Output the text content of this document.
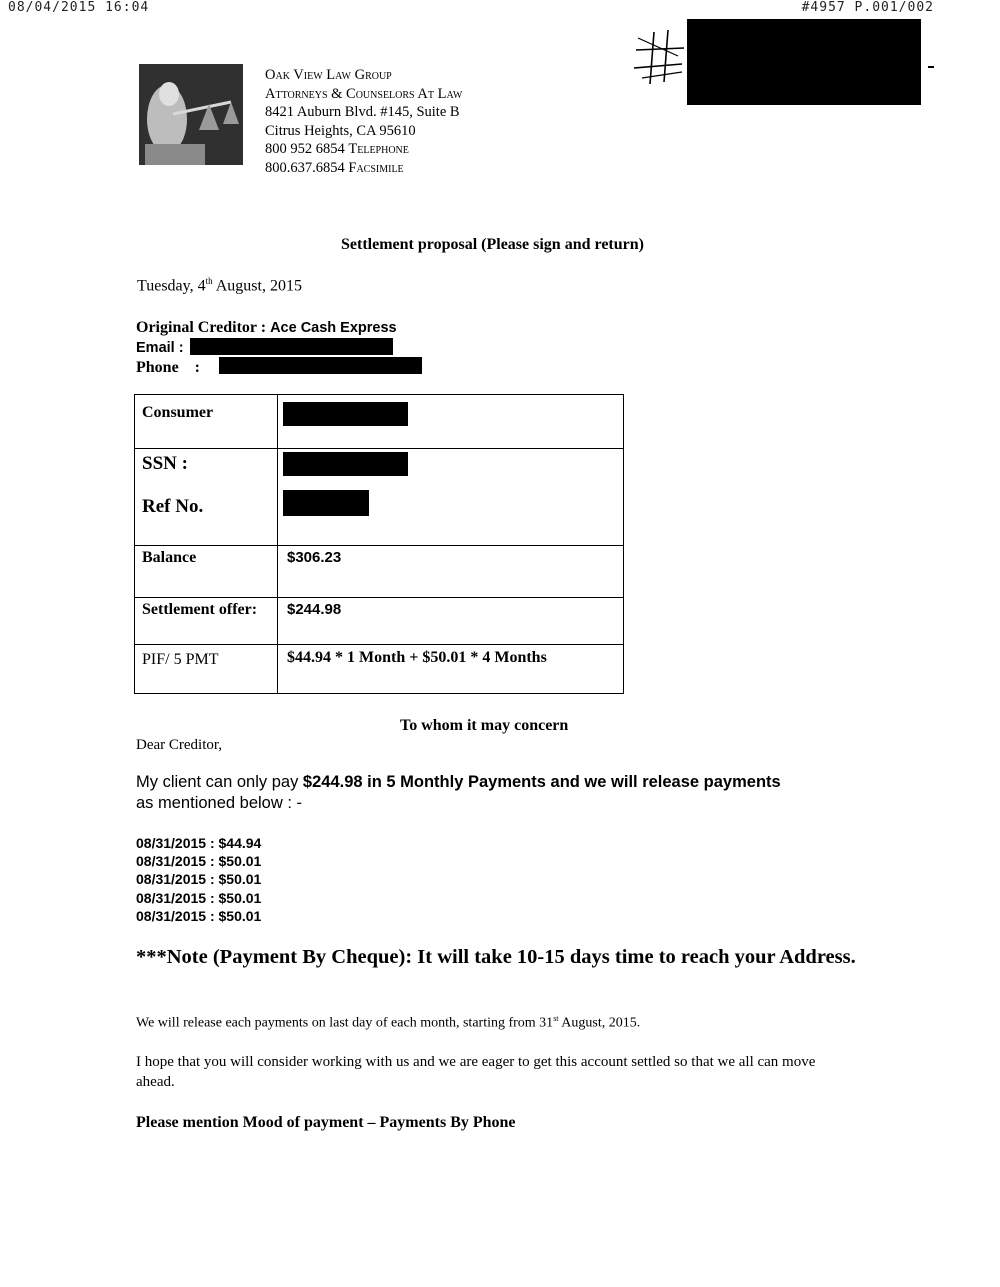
08/04/2015 16:04	#4957 P.001/002
Oak View Law Group
Attorneys & Counselors At Law
8421 Auburn Blvd. #145, Suite B
Citrus Heights, CA 95610
800 952 6854 Telephone
800.637.6854 Facsimile
Settlement proposal (Please sign and return)
Tuesday, 4th August, 2015
Original Creditor : Ace Cash Express
Email :
Phone :
Consumer
SSN :
Ref No.
Balance	$306.23
Settlement offer: $244.98
PIF/ 5 PMT	$44.94 * 1 Month + $50.01 * 4 Months
To whom it may concern
Dear Creditor,
My client can only pay $244.98 in 5 Monthly Payments and we will release payments
as mentioned below : -
08/31/2015 : $44.94
08/31/2015 : $50.01
08/31/2015 : $50.01
08/31/2015 : $50.01
08/31/2015 : $50.01
***Note (Payment By Cheque): It will take 10-15 days time to reach your Address.
We will release each payments on last day of each month, starting from 31st August, 2015.
I hope that you will consider working with us and we are eager to get this account settled so that we all can move ahead.
Please mention Mood of payment – Payments By Phone
